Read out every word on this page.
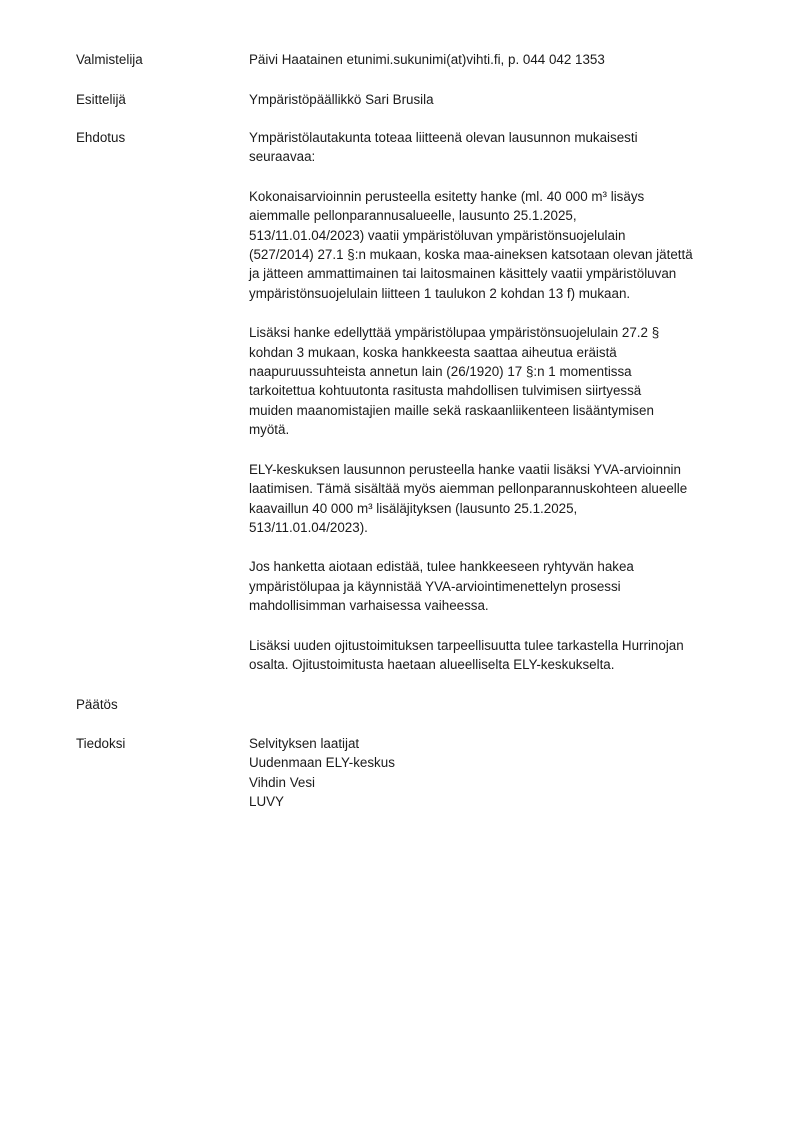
Valmistelija	Päivi Haatainen etunimi.sukunimi(at)vihti.fi, p. 044 042 1353
Esittelijä	Ympäristöpäällikkö Sari Brusila
Ehdotus	Ympäristölautakunta toteaa liitteenä olevan lausunnon mukaisesti
seuraavaa:

Kokonaisarvioinnin perusteella esitetty hanke (ml. 40 000 m³ lisäys
aiemmalle pellonparannusalueelle, lausunto 25.1.2025,
513/11.01.04/2023) vaatii ympäristöluvan ympäristönsuojelulain
(527/2014) 27.1 §:n mukaan, koska maa-aineksen katsotaan olevan jätettä
ja jätteen ammattimainen tai laitosmainen käsittely vaatii ympäristöluvan
ympäristönsuojelulain liitteen 1 taulukon 2 kohdan 13 f) mukaan.

Lisäksi hanke edellyttää ympäristölupaa ympäristönsuojelulain 27.2 §
kohdan 3 mukaan, koska hankkeesta saattaa aiheutua eräistä
naapuruussuhteista annetun lain (26/1920) 17 §:n 1 momentissa
tarkoitettua kohtuutonta rasitusta mahdollisen tulvimisen siirtyessä
muiden maanomistajien maille sekä raskaanliikenteen lisääntymisen
myötä.

ELY-keskuksen lausunnon perusteella hanke vaatii lisäksi YVA-arvioinnin
laatimisen. Tämä sisältää myös aiemman pellonparannuskohteen alueelle
kaavaillun 40 000 m³ lisäläjityksen (lausunto 25.1.2025,
513/11.01.04/2023).

Jos hanketta aiotaan edistää, tulee hankkeeseen ryhtyvän hakea
ympäristölupaa ja käynnistää YVA-arviointimenettelyn prosessi
mahdollisimman varhaisessa vaiheessa.

Lisäksi uuden ojitustoimituksen tarpeellisuutta tulee tarkastella Hurrinojan
osalta. Ojitustoimitusta haetaan alueelliselta ELY-keskukselta.

Päätös
Tiedoksi	Selvityksen laatijat
Uudenmaan ELY-keskus
Vihdin Vesi
LUVY
